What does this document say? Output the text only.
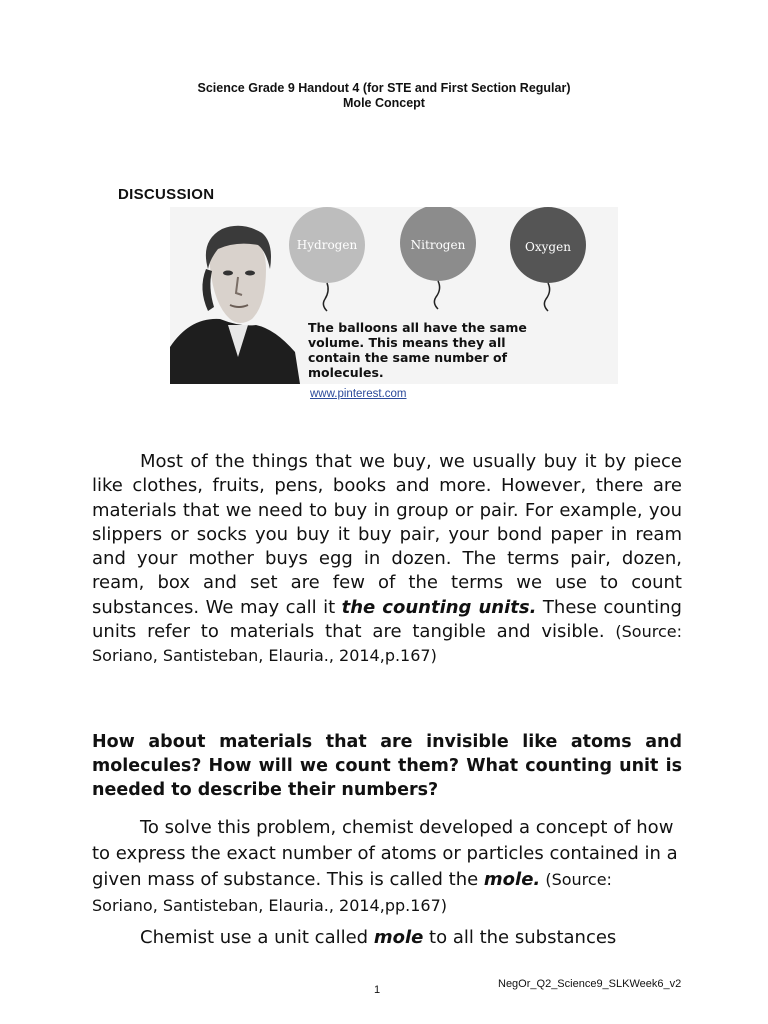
Science Grade 9 Handout 4 (for STE and First Section Regular)
Mole Concept
DISCUSSION
Hydrogen	Nitrogen	Oxygen
The balloons all have the same
volume. This means they all
contain the same number of
molecules.
www.pinterest.com
Most of the things that we buy, we usually buy it by piece like clothes, fruits, pens, books and more. However, there are materials that we need to buy in group or pair. For example, you slippers or socks you buy it buy pair, your bond paper in ream and your mother buys egg in dozen. The terms pair, dozen, ream, box and set are few of the terms we use to count substances. We may call it the counting units. These counting units refer to materials that are tangible and visible. (Source: Soriano, Santisteban, Elauria., 2014,p.167)
How about materials that are invisible like atoms and molecules? How will we count them? What counting unit is needed to describe their numbers?
To solve this problem, chemist developed a concept of how to express the exact number of atoms or particles contained in a given mass of substance. This is called the mole. (Source: Soriano, Santisteban, Elauria., 2014,pp.167)
Chemist use a unit called mole to all the substances
1	NegOr_Q2_Science9_SLKWeek6_v2
